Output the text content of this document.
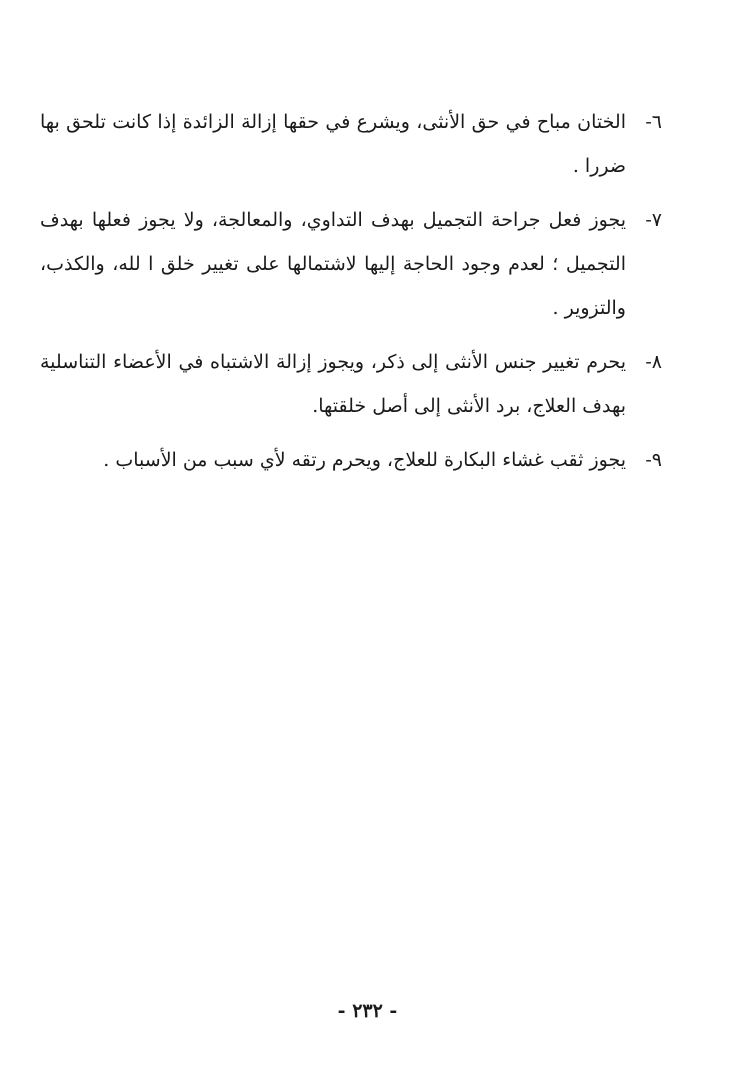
٦-
الختان مباح في حق الأنثى، ويشرع في حقها إزالة الزائدة إذا كانت تلحق بها ضررا .
٧-
يجوز فعل جراحة التجميل بهدف التداوي، والمعالجة، ولا يجوز فعلها بهدف التجميل ؛ لعدم وجود الحاجة إليها لاشتمالها على تغيير خلق ا لله، والكذب، والتزوير .
٨-
يحرم تغيير جنس الأنثى إلى ذكر، ويجوز إزالة الاشتباه في الأعضاء التناسلية بهدف العلاج، برد الأنثى إلى أصل خلقتها.
٩-
يجوز ثقب غشاء البكارة للعلاج، ويحرم رتقه لأي سبب من الأسباب .
- ٢٣٢ -
